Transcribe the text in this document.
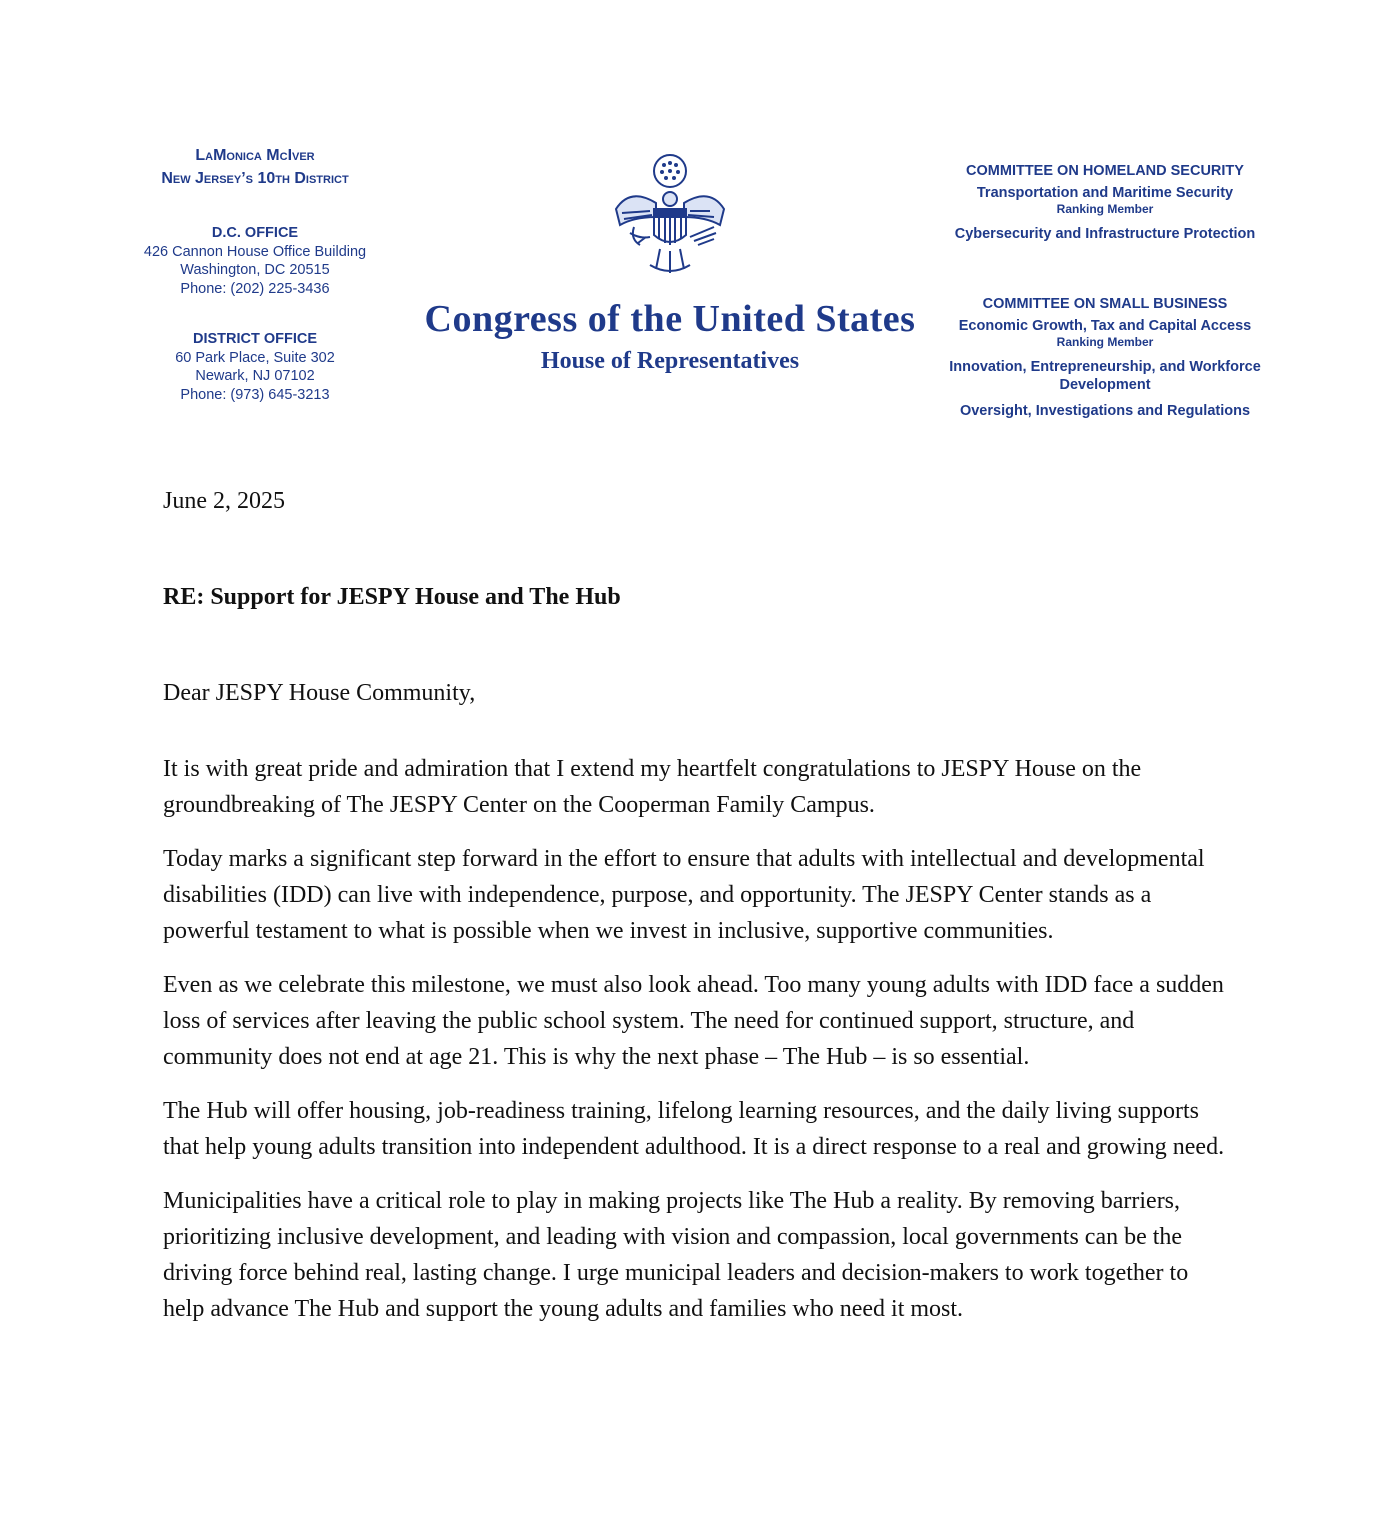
LaMonica McIver
New Jersey’s 10th District
D.C. OFFICE
426 Cannon House Office Building
Washington, DC 20515
Phone: (202) 225-3436
DISTRICT OFFICE
60 Park Place, Suite 302
Newark, NJ 07102
Phone: (973) 645-3213
Congress of the United States
House of Representatives
COMMITTEE ON HOMELAND SECURITY
Transportation and Maritime Security
Ranking Member
Cybersecurity and Infrastructure Protection
COMMITTEE ON SMALL BUSINESS
Economic Growth, Tax and Capital Access
Ranking Member
Innovation, Entrepreneurship, and Workforce Development
Oversight, Investigations and Regulations
June 2, 2025
RE: Support for JESPY House and The Hub
Dear JESPY House Community,

It is with great pride and admiration that I extend my heartfelt congratulations to JESPY House on the groundbreaking of The JESPY Center on the Cooperman Family Campus.

Today marks a significant step forward in the effort to ensure that adults with intellectual and developmental disabilities (IDD) can live with independence, purpose, and opportunity. The JESPY Center stands as a powerful testament to what is possible when we invest in inclusive, supportive communities.

Even as we celebrate this milestone, we must also look ahead. Too many young adults with IDD face a sudden loss of services after leaving the public school system. The need for continued support, structure, and community does not end at age 21. This is why the next phase – The Hub – is so essential.

The Hub will offer housing, job-readiness training, lifelong learning resources, and the daily living supports that help young adults transition into independent adulthood. It is a direct response to a real and growing need.

Municipalities have a critical role to play in making projects like The Hub a reality. By removing barriers, prioritizing inclusive development, and leading with vision and compassion, local governments can be the driving force behind real, lasting change. I urge municipal leaders and decision-makers to work together to help advance The Hub and support the young adults and families who need it most.
